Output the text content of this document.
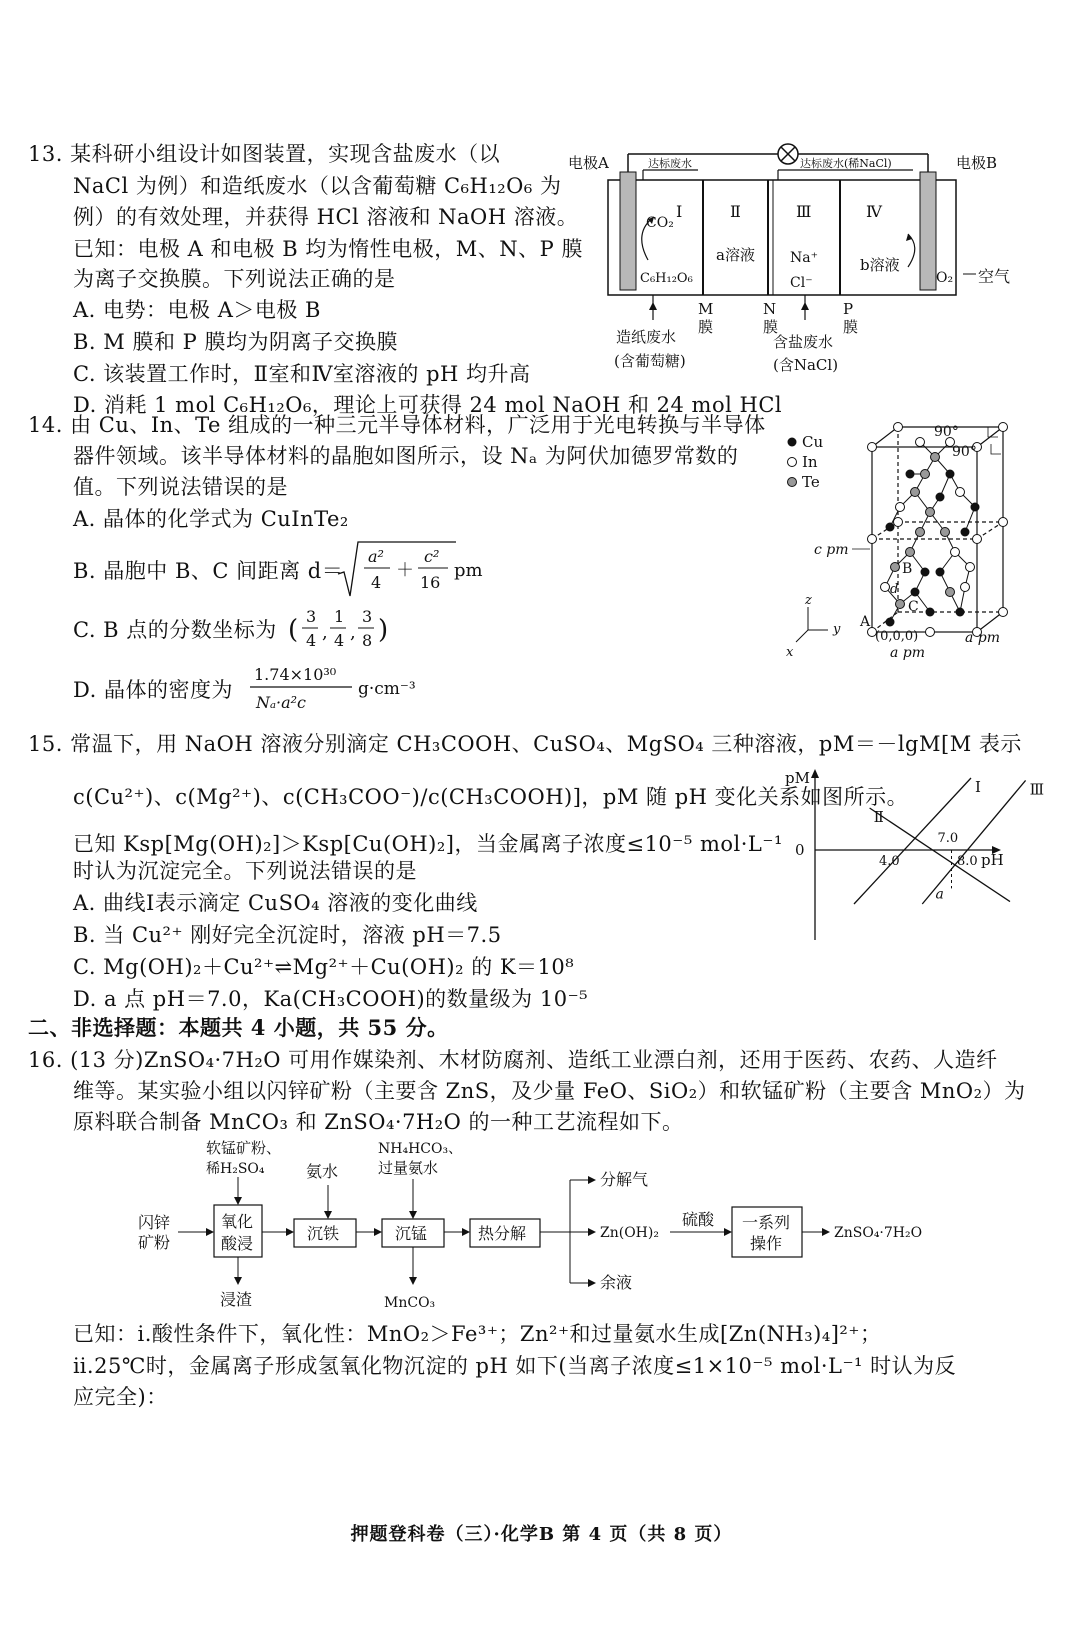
13. 某科研小组设计如图装置，实现含盐废水（以
NaCl 为例）和造纸废水（以含葡萄糖 C₆H₁₂O₆ 为
例）的有效处理，并获得 HCl 溶液和 NaOH 溶液。
已知：电极 A 和电极 B 均为惰性电极，M、N、P 膜
为离子交换膜。下列说法正确的是
A. 电势：电极 A＞电极 B
B. M 膜和 P 膜均为阴离子交换膜
C. 该装置工作时，Ⅱ室和Ⅳ室溶液的 pH 均升高
D. 消耗 1 mol C₆H₁₂O₆，理论上可获得 24 mol NaOH 和 24 mol HCl
电极A	电极B
达标废水	达标废水(稀NaCl)
Ⅰ	Ⅱ	Ⅲ	Ⅳ
CO₂
C₆H₁₂O₆
a溶液	Na⁺
Cl⁻
b溶液
O₂ 空气
M
膜
N
膜
P
膜
造纸废水
(含葡萄糖)
含盐废水
(含NaCl)
14. 由 Cu、In、Te 组成的一种三元半导体材料，广泛用于光电转换与半导体
器件领域。该半导体材料的晶胞如图所示，设 Nₐ 为阿伏加德罗常数的
值。下列说法错误的是
A. 晶体的化学式为 CuInTe₂
B. 晶胞中 B、C 间距离 d＝
a²
4
＋
c²
16
pm
C. B 点的分数坐标为 ( 3
4 ,
1
4 ,
3
8 )
D. 晶体的密度为
1.74×10³⁰
Nₐ·a²c
g·cm⁻³
Cu
In
Te
90°
90°
c pm
A
B
C
d
(0,0,0)
a pm
a pm
z
y
x
15. 常温下，用 NaOH 溶液分别滴定 CH₃COOH、CuSO₄、MgSO₄ 三种溶液，pM＝－lgM[M 表示
c(Cu²⁺)、c(Mg²⁺)、c(CH₃COO⁻)/c(CH₃COOH)]，pM 随 pH 变化关系如图所示。
已知 Ksp[Mg(OH)₂]＞Ksp[Cu(OH)₂]，当金属离子浓度≤10⁻⁵ mol·L⁻¹
时认为沉淀完全。下列说法错误的是
A. 曲线Ⅰ表示滴定 CuSO₄ 溶液的变化曲线
B. 当 Cu²⁺ 刚好完全沉淀时，溶液 pH＝7.5
C. Mg(OH)₂＋Cu²⁺⇌Mg²⁺＋Cu(OH)₂ 的 K＝10⁸
D. a 点 pH＝7.0，Ka(CH₃COOH)的数量级为 10⁻⁵
pM
pH
0
Ⅰ
Ⅱ
Ⅲ
4.0
7.0
8.0
a
二、非选择题：本题共 4 小题，共 55 分。
16. (13 分)ZnSO₄·7H₂O 可用作媒染剂、木材防腐剂、造纸工业漂白剂，还用于医药、农药、人造纤
维等。某实验小组以闪锌矿粉（主要含 ZnS，及少量 FeO、SiO₂）和软锰矿粉（主要含 MnO₂）为
原料联合制备 MnCO₃ 和 ZnSO₄·7H₂O 的一种工艺流程如下。
闪锌
矿粉
软锰矿粉、
稀H₂SO₄
氧化
酸浸
浸渣
氨水
沉铁
NH₄HCO₃、
过量氨水
沉锰
MnCO₃
热分解
分解气
Zn(OH)₂
余液
硫酸 一系列
操作
ZnSO₄·7H₂O
已知：ⅰ.酸性条件下，氧化性：MnO₂＞Fe³⁺；Zn²⁺和过量氨水生成[Zn(NH₃)₄]²⁺；
ⅱ.25℃时，金属离子形成氢氧化物沉淀的 pH 如下(当离子浓度≤1×10⁻⁵ mol·L⁻¹ 时认为反
应完全)：
押题登科卷（三）·化学B 第 4 页（共 8 页）
